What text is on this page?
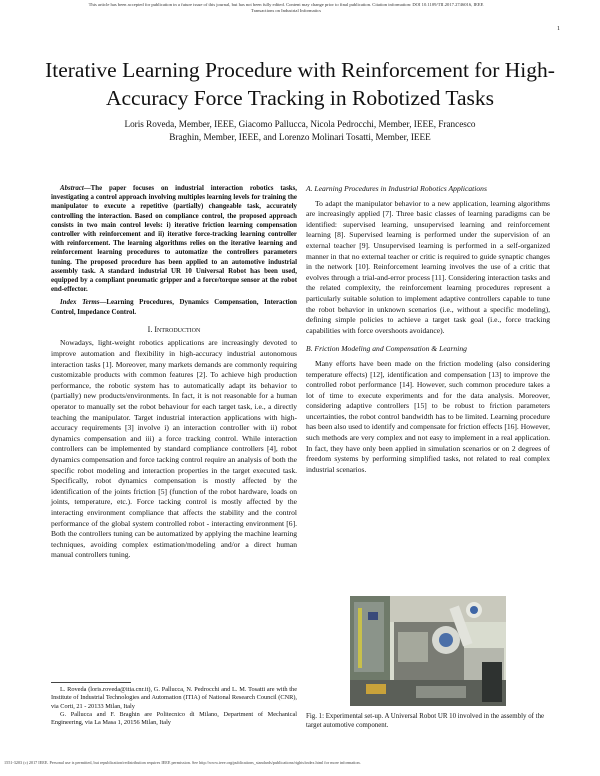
This article has been accepted for publication in a future issue of this journal, but has not been fully edited. Content may change prior to final publication. Citation information: DOI 10.1109/TII.2017.2746016, IEEE
Transactions on Industrial Informatics
1
Iterative Learning Procedure with Reinforcement for High-Accuracy Force Tracking in Robotized Tasks
Loris Roveda, Member, IEEE, Giacomo Pallucca, Nicola Pedrocchi, Member, IEEE, Francesco
Braghin, Member, IEEE, and Lorenzo Molinari Tosatti, Member, IEEE

Abstract—The paper focuses on industrial interaction robotics tasks, investigating a control approach involving multiples learning levels for training the manipulator to execute a repetitive (partially) changeable task, accurately controlling the interaction. Based on compliance control, the proposed approach consists in two main control levels: i) iterative friction learning compensation controller with reinforcement and ii) iterative force-tracking learning controller with reinforcement. The learning algorithms relies on the iterative learning and reinforcement learning procedures to automatize the controllers parameters tuning. The proposed procedure has been applied to an automotive industrial assembly task. A standard industrial UR 10 Universal Robot has been used, equipped by a compliant pneumatic gripper and a force/torque sensor at the robot end-effector.

Index Terms—Learning Procedures, Dynamics Compensation, Interaction Control, Impedance Control.

I. Introduction

Nowadays, light-weight robotics applications are increasingly devoted to improve automation and flexibility in high-accuracy industrial autonomous interaction tasks [1]. Moreover, many markets demands are commonly requiring customizable products with common features [2]. To achieve high production performance, the robotic system has to automatically adapt its behavior to (partially) new products/environments. In fact, it is not reasonable for a human operator to manually set the robot behaviour for each target task, i.e., a directly teaching the manipulator. Target industrial interaction applications with high-accuracy requirements [3] involve i) an interaction controller with ii) robot dynamics compensation and iii) a force tracking control. While interaction controllers can be implemented by standard compliance controllers [4], robot dynamics compensation and force tacking control require an analysis of both the specific robot modeling and interaction properties in the target executed task. Specifically, robot dynamics compensation is mostly affected by the identification of the joints friction [5] (function of the robot hardware, loads on joints, temperature, etc.). Force tacking control is mostly affected by the interacting environment compliance that affects the stability and the control performance of the global system controlled robot - interacting environment [6]. Both the controllers tuning can be automatized by applying the machine learning techniques, avoiding complex estimation/modeling and/or a direct human manual controllers tuning.

L. Roveda (loris.roveda@itia.cnr.it), G. Pallucca, N. Pedrocchi and L. M. Tosatti are with the Institute of Industrial Technologies and Automation (ITIA) of National Research Council (CNR), via Corti, 21 - 20133 Milan, Italy
G. Pallucca and F. Braghin are Politecnico di Milano, Department of Mechanical Engineering, via La Masa 1, 20156 Milan, Italy
A. Learning Procedures in Industrial Robotics Applications

To adapt the manipulator behavior to a new application, learning algorithms are increasingly applied [7]. Three basic classes of learning paradigms can be identified: supervised learning, unsupervised learning and reinforcement learning [8]. Supervised learning is performed under the supervision of an external teacher [9]. Unsupervised learning is performed in a self-organized manner in that no external teacher or critic is required to guide synaptic changes in the network [10]. Reinforcement learning involves the use of a critic that evolves through a trial-and-error process [11]. Considering interaction tasks and the related complexity, the reinforcement learning procedures represent a particularly suitable solution to implement adaptive controllers capable to tune the robot behavior in unknown scenarios (i.e., without a specific modeling), defining simple policies to achieve a target task goal (i.e., force tracking capabilities with force overshoots avoidance).

B. Friction Modeling and Compensation & Learning

Many efforts have been made on the friction modeling (also considering temperature effects) [12], identification and compensation [13] to improve the controlled robot performance [14]. However, such common procedure takes a lot of time to execute experiments and for the data analysis. Moreover, considering adaptive controllers [15] to be robust to friction parameters uncertainties, the robot control bandwidth has to be limited. Learning procedure has been also used to identify and compensate for friction effects [16]. However, such methods are very complex and not easy to implement in a real application. In fact, they have only been applied in simulation scenarios or on 2 degrees of freedom systems by performing simplified tasks, not related to real complex industrial scenarios.

Fig. 1: Experimental set-up. A Universal Robot UR 10 involved in the assembly of the target automotive component.
1551-3203 (c) 2017 IEEE. Personal use is permitted, but republication/redistribution requires IEEE permission. See http://www.ieee.org/publications_standards/publications/rights/index.html for more information.
